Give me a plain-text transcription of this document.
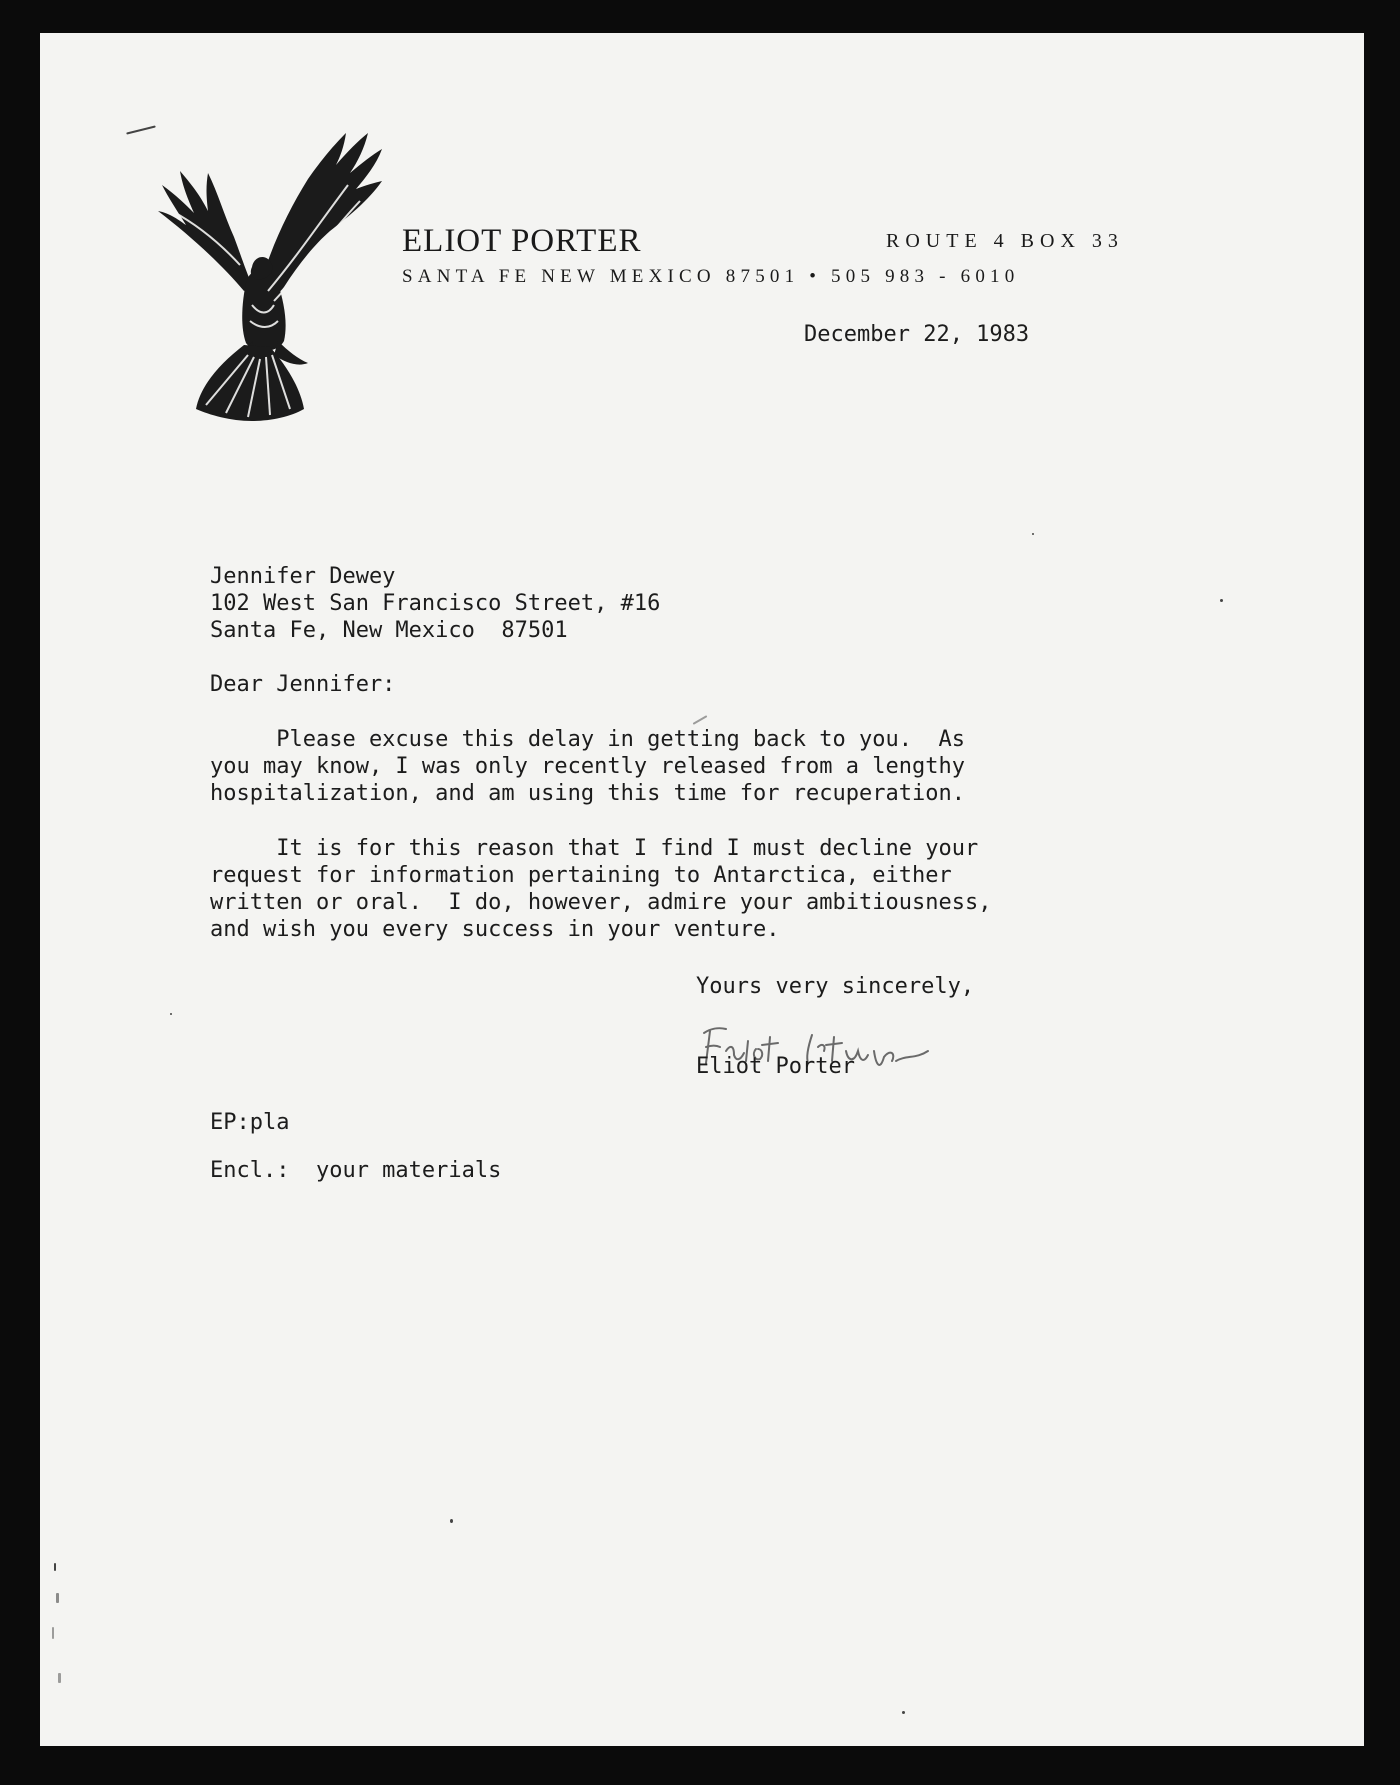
ELIOT PORTER	ROUTE 4 BOX 33
SANTA FE NEW MEXICO 87501 • 505 983 - 6010
December 22, 1983
Jennifer Dewey
102 West San Francisco Street, #16
Santa Fe, New Mexico  87501
Dear Jennifer:
Please excuse this delay in getting back to you.  As
you may know, I was only recently released from a lengthy
hospitalization, and am using this time for recuperation.
It is for this reason that I find I must decline your
request for information pertaining to Antarctica, either
written or oral.  I do, however, admire your ambitiousness,
and wish you every success in your venture.
Yours very sincerely,
Eliot Porter
EP:pla
Encl.:  your materials
